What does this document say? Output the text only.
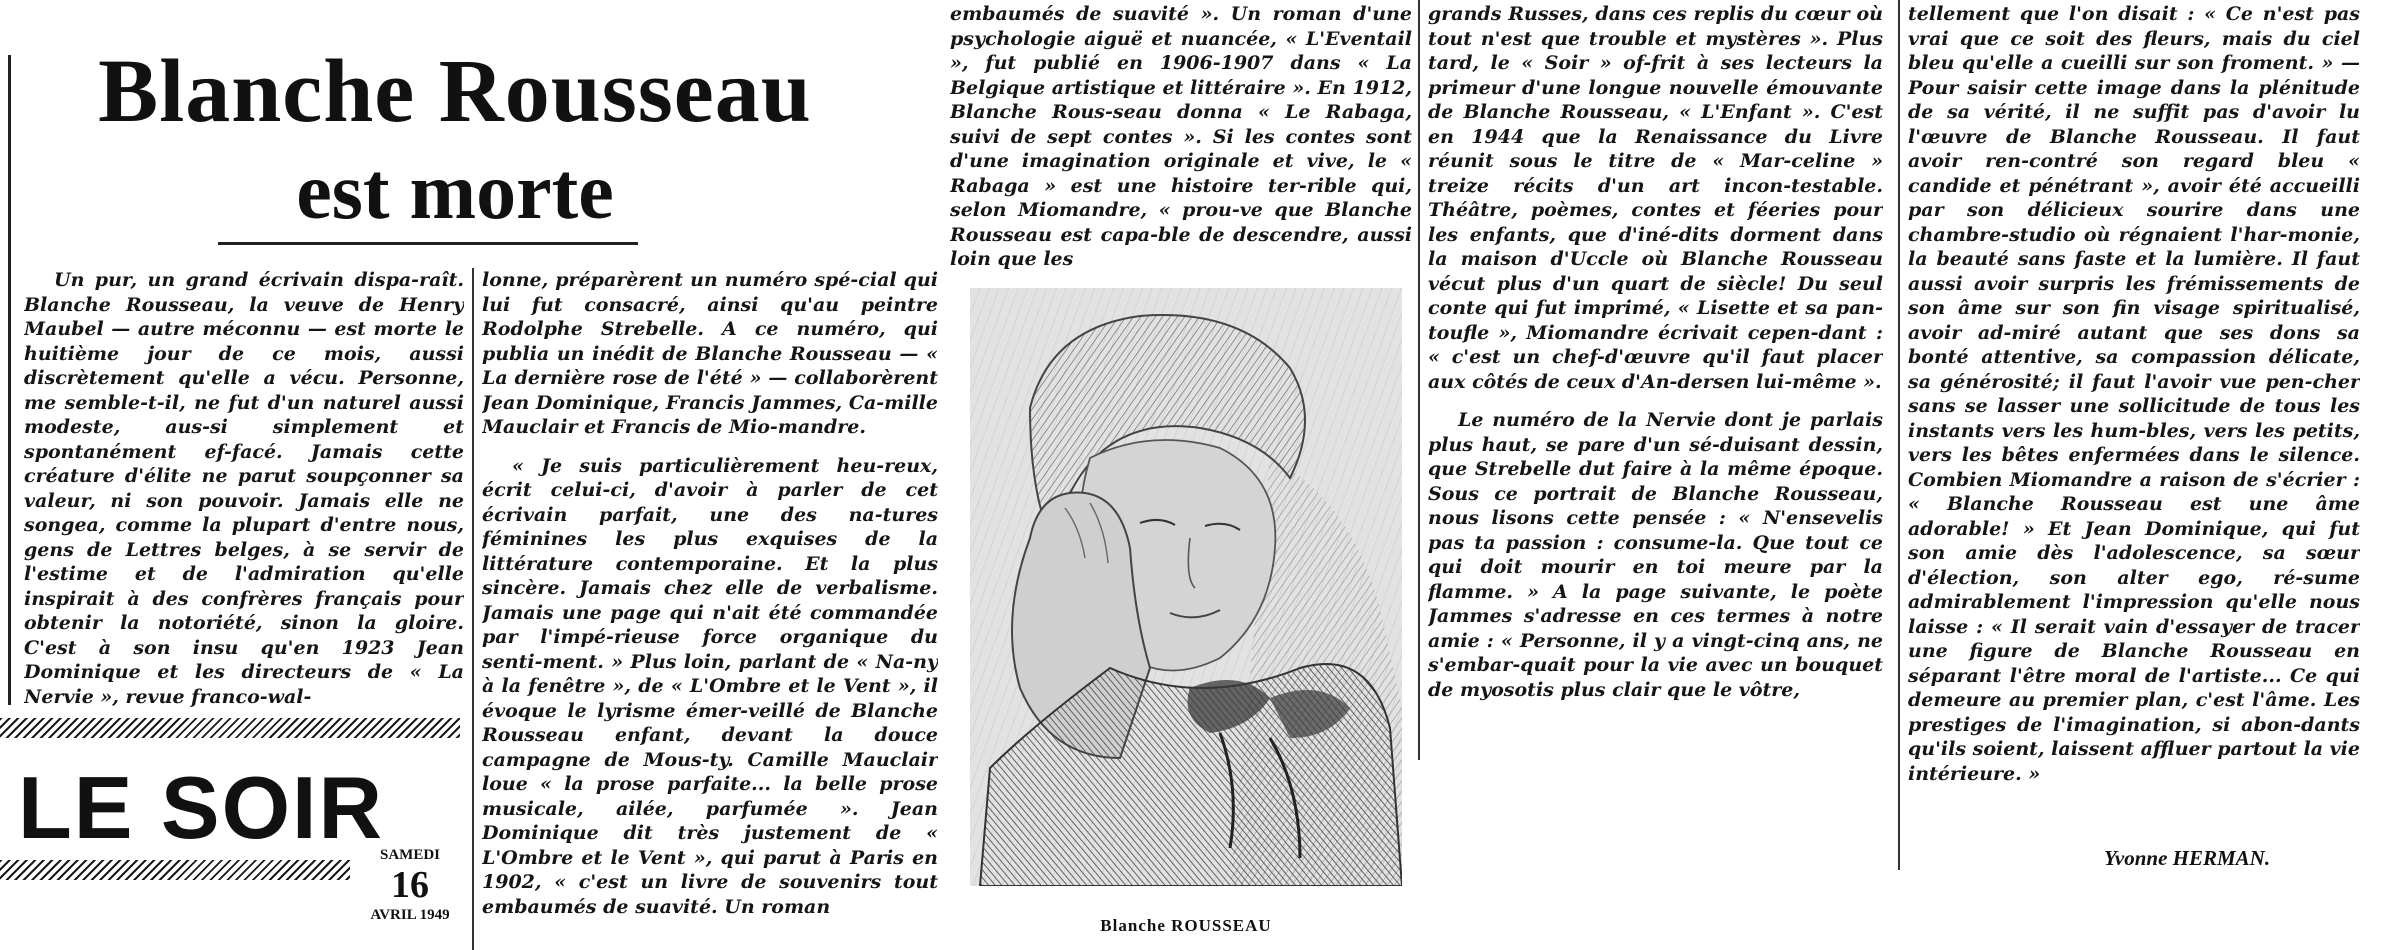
Blanche Rousseau
est morte

Un pur, un grand écrivain dispa-raît. Blanche Rousseau, la veuve de Henry Maubel — autre méconnu — est morte le huitième jour de ce mois, aussi discrètement qu'elle a vécu. Personne, me semble-t-il, ne fut d'un naturel aussi modeste, aus-si simplement et spontanément ef-facé. Jamais cette créature d'élite ne parut soupçonner sa valeur, ni son pouvoir. Jamais elle ne songea, comme la plupart d'entre nous, gens de Lettres belges, à se servir de l'estime et de l'admiration qu'elle inspirait à des confrères français pour obtenir la notoriété, sinon la gloire. C'est à son insu qu'en 1923 Jean Dominique et les directeurs de « La Nervie », revue franco-wal-

lonne, préparèrent un numéro spé-cial qui lui fut consacré, ainsi qu'au peintre Rodolphe Strebelle. A ce numéro, qui publia un inédit de Blanche Rousseau — « La dernière rose de l'été » — collaborèrent Jean Dominique, Francis Jammes, Ca-mille Mauclair et Francis de Mio-mandre.

« Je suis particulièrement heu-reux, écrit celui-ci, d'avoir à parler de cet écrivain parfait, une des na-tures féminines les plus exquises de la littérature contemporaine. Et la plus sincère. Jamais chez elle de verbalisme. Jamais une page qui n'ait été commandée par l'impé-rieuse force organique du senti-ment. » Plus loin, parlant de « Na-ny à la fenêtre », de « L'Ombre et le Vent », il évoque le lyrisme émer-veillé de Blanche Rousseau enfant, devant la douce campagne de Mous-ty. Camille Mauclair loue « la prose parfaite... la belle prose musicale, ailée, parfumée ». Jean Dominique dit très justement de « L'Ombre et le Vent », qui parut à Paris en 1902, « c'est un livre de souvenirs tout embaumés de suavité. Un roman

LE SOIR
SAMEDI
16
AVRIL 1949

embaumés de suavité ». Un roman d'une psychologie aiguë et nuancée, « L'Eventail », fut publié en 1906-1907 dans « La Belgique artistique et littéraire ». En 1912, Blanche Rous-seau donna « Le Rabaga, suivi de sept contes ». Si les contes sont d'une imagination originale et vive, le « Rabaga » est une histoire ter-rible qui, selon Miomandre, « prou-ve que Blanche Rousseau est capa-ble de descendre, aussi loin que les

Blanche ROUSSEAU

grands Russes, dans ces replis du cœur où tout n'est que trouble et mystères ». Plus tard, le « Soir » of-frit à ses lecteurs la primeur d'une longue nouvelle émouvante de Blanche Rousseau, « L'Enfant ». C'est en 1944 que la Renaissance du Livre réunit sous le titre de « Mar-celine » treize récits d'un art incon-testable. Théâtre, poèmes, contes et féeries pour les enfants, que d'iné-dits dorment dans la maison d'Uccle où Blanche Rousseau vécut plus d'un quart de siècle! Du seul conte qui fut imprimé, « Lisette et sa pan-toufle », Miomandre écrivait cepen-dant : « c'est un chef-d'œuvre qu'il faut placer aux côtés de ceux d'An-dersen lui-même ».

Le numéro de la Nervie dont je parlais plus haut, se pare d'un sé-duisant dessin, que Strebelle dut faire à la même époque. Sous ce portrait de Blanche Rousseau, nous lisons cette pensée : « N'ensevelis pas ta passion : consume-la. Que tout ce qui doit mourir en toi meure par la flamme. » A la page suivante, le poète Jammes s'adresse en ces termes à notre amie : « Personne, il y a vingt-cinq ans, ne s'embar-quait pour la vie avec un bouquet de myosotis plus clair que le vôtre,

tellement que l'on disait : « Ce n'est pas vrai que ce soit des fleurs, mais du ciel bleu qu'elle a cueilli sur son froment. » — Pour saisir cette image dans la plénitude de sa vérité, il ne suffit pas d'avoir lu l'œuvre de Blanche Rousseau. Il faut avoir ren-contré son regard bleu « candide et pénétrant », avoir été accueilli par son délicieux sourire dans une chambre-studio où régnaient l'har-monie, la beauté sans faste et la lumière. Il faut aussi avoir surpris les frémissements de son âme sur son fin visage spiritualisé, avoir ad-miré autant que ses dons sa bonté attentive, sa compassion délicate, sa générosité; il faut l'avoir vue pen-cher sans se lasser une sollicitude de tous les instants vers les hum-bles, vers les petits, vers les bêtes enfermées dans le silence. Combien Miomandre a raison de s'écrier : « Blanche Rousseau est une âme adorable! » Et Jean Dominique, qui fut son amie dès l'adolescence, sa sœur d'élection, son alter ego, ré-sume admirablement l'impression qu'elle nous laisse : « Il serait vain d'essayer de tracer une figure de Blanche Rousseau en séparant l'être moral de l'artiste... Ce qui demeure au premier plan, c'est l'âme. Les prestiges de l'imagination, si abon-dants qu'ils soient, laissent affluer partout la vie intérieure. »

Yvonne HERMAN.
